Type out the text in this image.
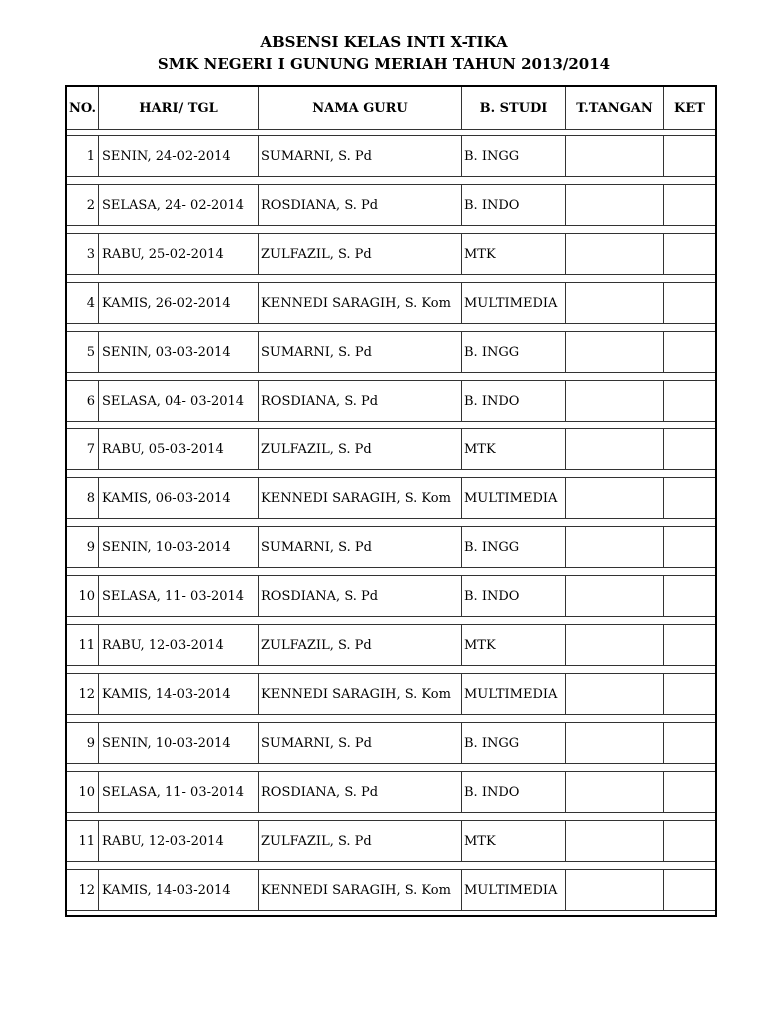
ABSENSI KELAS INTI X-TIKA
SMK NEGERI I GUNUNG MERIAH TAHUN 2013/2014
NO.	HARI/ TGL	NAMA GURU	B. STUDI	T.TANGAN	KET
1 SENIN, 24-02-2014	SUMARNI, S. Pd	B. INGG
2 SELASA, 24- 02-2014	ROSDIANA, S. Pd	B. INDO
3 RABU, 25-02-2014	ZULFAZIL, S. Pd	MTK
4 KAMIS, 26-02-2014	KENNEDI SARAGIH, S. Kom	MULTIMEDIA
5 SENIN, 03-03-2014	SUMARNI, S. Pd	B. INGG
6 SELASA, 04- 03-2014	ROSDIANA, S. Pd	B. INDO
7 RABU, 05-03-2014	ZULFAZIL, S. Pd	MTK
8 KAMIS, 06-03-2014	KENNEDI SARAGIH, S. Kom	MULTIMEDIA
9 SENIN, 10-03-2014	SUMARNI, S. Pd	B. INGG
10 SELASA, 11- 03-2014	ROSDIANA, S. Pd	B. INDO
11 RABU, 12-03-2014	ZULFAZIL, S. Pd	MTK
12 KAMIS, 14-03-2014	KENNEDI SARAGIH, S. Kom	MULTIMEDIA
9 SENIN, 10-03-2014	SUMARNI, S. Pd	B. INGG
10 SELASA, 11- 03-2014	ROSDIANA, S. Pd	B. INDO
11 RABU, 12-03-2014	ZULFAZIL, S. Pd	MTK
12 KAMIS, 14-03-2014	KENNEDI SARAGIH, S. Kom	MULTIMEDIA
